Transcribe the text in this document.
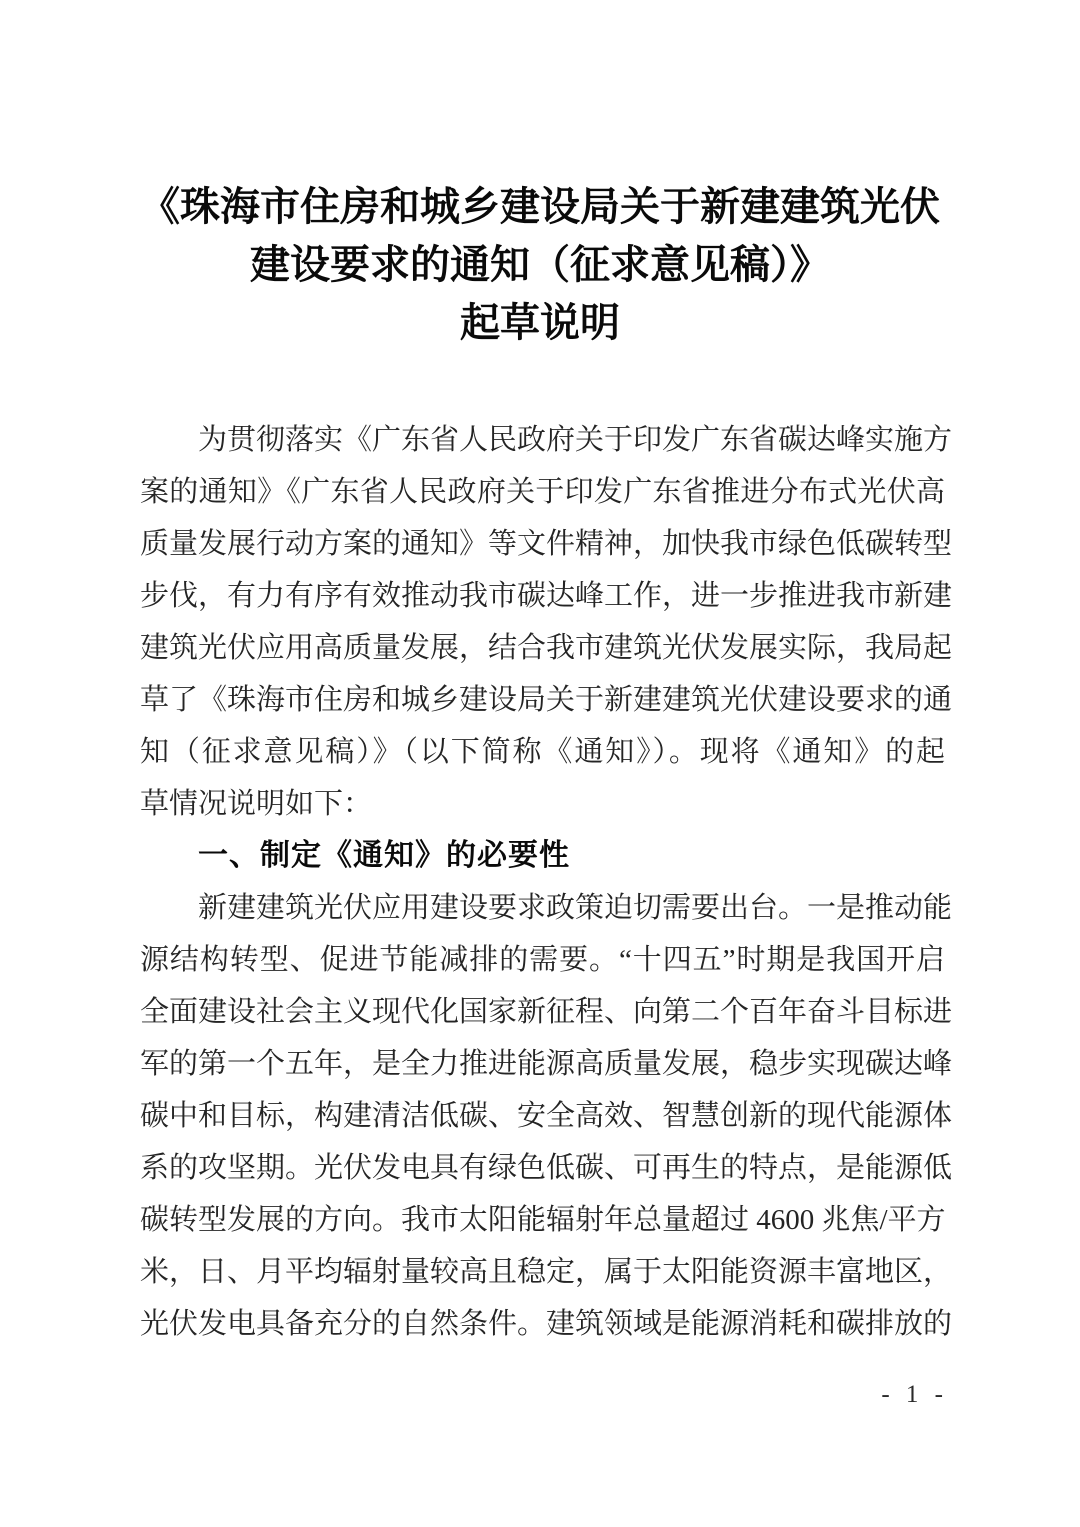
《珠海市住房和城乡建设局关于新建建筑光伏
建设要求的通知（征求意见稿）》
起草说明
为贯彻落实《广东省人民政府关于印发广东省碳达峰实施方
案的通知》《广东省人民政府关于印发广东省推进分布式光伏高
质量发展行动方案的通知》等文件精神，加快我市绿色低碳转型
步伐，有力有序有效推动我市碳达峰工作，进一步推进我市新建
建筑光伏应用高质量发展，结合我市建筑光伏发展实际，我局起
草了《珠海市住房和城乡建设局关于新建建筑光伏建设要求的通
知（征求意见稿）》（以下简称《通知》）。现将《通知》的起
草情况说明如下：
一、制定《通知》的必要性
新建建筑光伏应用建设要求政策迫切需要出台。一是推动能
源结构转型、促进节能减排的需要。“十四五”时期是我国开启
全面建设社会主义现代化国家新征程、向第二个百年奋斗目标进
军的第一个五年，是全力推进能源高质量发展，稳步实现碳达峰
碳中和目标，构建清洁低碳、安全高效、智慧创新的现代能源体
系的攻坚期。光伏发电具有绿色低碳、可再生的特点，是能源低
碳转型发展的方向。我市太阳能辐射年总量超过 4600 兆焦/平方
米，日、月平均辐射量较高且稳定，属于太阳能资源丰富地区，
光伏发电具备充分的自然条件。建筑领域是能源消耗和碳排放的
- 1 -
